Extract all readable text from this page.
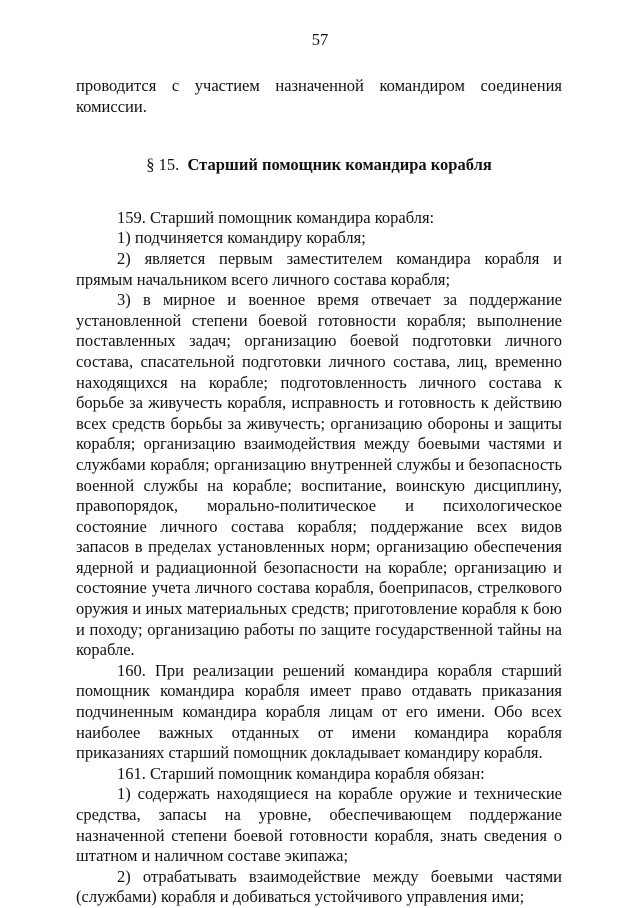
57

проводится с участием назначенной командиром соединения комиссии.

§ 15. Старший помощник командира корабля

159. Старший помощник командира корабля:

1) подчиняется командиру корабля;

2) является первым заместителем командира корабля и прямым начальником всего личного состава корабля;

3) в мирное и военное время отвечает за поддержание установленной степени боевой готовности корабля; выполнение поставленных задач; организацию боевой подготовки личного состава, спасательной подготовки личного состава, лиц, временно находящихся на корабле; подготовленность личного состава к борьбе за живучесть корабля, исправность и готовность к действию всех средств борьбы за живучесть; организацию обороны и защиты корабля; организацию взаимодействия между боевыми частями и службами корабля; организацию внутренней службы и безопасность военной службы на корабле; воспитание, воинскую дисциплину, правопорядок, морально-политическое и психологическое состояние личного состава корабля; поддержание всех видов запасов в пределах установленных норм; организацию обеспечения ядерной и радиационной безопасности на корабле; организацию и состояние учета личного состава корабля, боеприпасов, стрелкового оружия и иных материальных средств; приготовление корабля к бою и походу; организацию работы по защите государственной тайны на корабле.

160. При реализации решений командира корабля старший помощник командира корабля имеет право отдавать приказания подчиненным командира корабля лицам от его имени. Обо всех наиболее важных отданных от имени командира корабля приказаниях старший помощник докладывает командиру корабля.

161. Старший помощник командира корабля обязан:

1) содержать находящиеся на корабле оружие и технические средства, запасы на уровне, обеспечивающем поддержание назначенной степени боевой готовности корабля, знать сведения о штатном и наличном составе экипажа;

2) отрабатывать взаимодействие между боевыми частями (службами) корабля и добиваться устойчивого управления ими;
